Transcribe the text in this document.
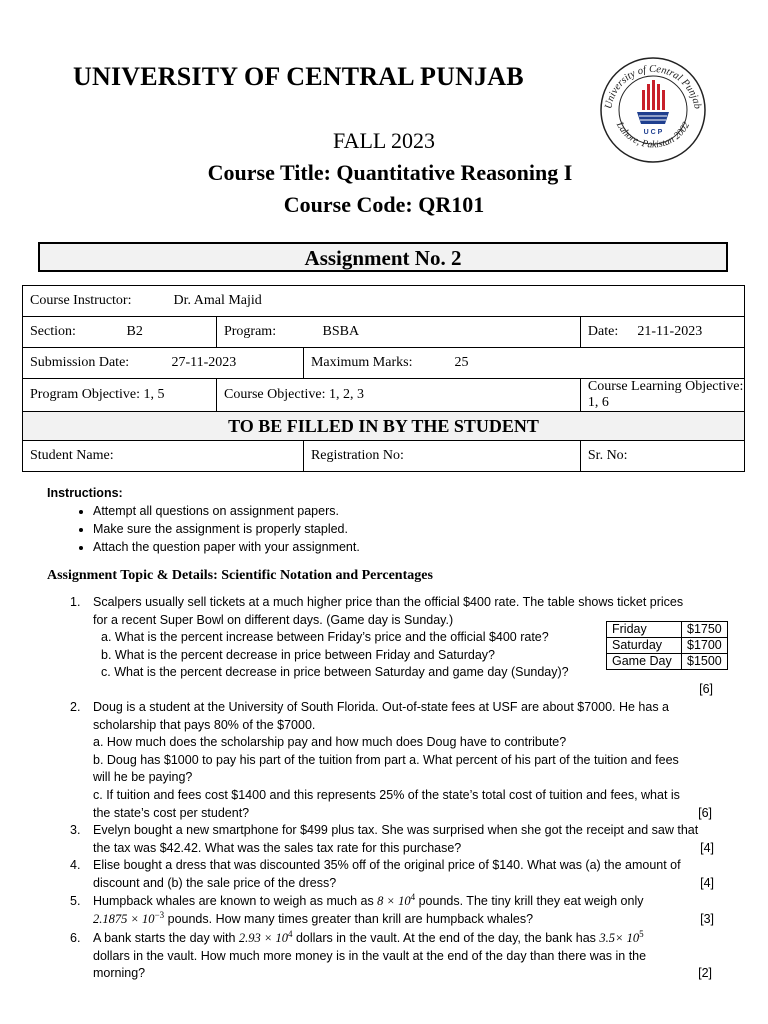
UNIVERSITY OF CENTRAL PUNJAB
University of Central Punjab
Lahore, Pakistan 2002
U C P

FALL 2023

Course Title: Quantitative Reasoning I

Course Code: QR101

Assignment No. 2
Course Instructor: Dr. Amal Majid			
Section: B2	Program: BSBA		Date: 21-11-2023
Submission Date: 27-11-2023		Maximum Marks: 25	
Program Objective: 1, 5	Course Objective: 1, 2, 3		Course Learning Objective: 1, 6
TO BE FILLED IN BY THE STUDENT			
Student Name:		Registration No:	Sr. No:
Instructions:
• Attempt all questions on assignment papers.
• Make sure the assignment is properly stapled.
• Attach the question paper with your assignment.

Assignment Topic & Details: Scientific Notation and Percentages

1. Scalpers usually sell tickets at a much higher price than the official $400 rate. The table shows ticket prices
for a recent Super Bowl on different days. (Game day is Sunday.)
a. What is the percent increase between Friday’s price and the official $400 rate?
b. What is the percent decrease in price between Friday and Saturday?
c. What is the percent decrease in price between Saturday and game day (Sunday)?
[6]
Friday	$1750
Saturday	$1700
Game Day	$1500
2. Doug is a student at the University of South Florida. Out-of-state fees at USF are about $7000. He has a
scholarship that pays 80% of the $7000.
a. How much does the scholarship pay and how much does Doug have to contribute?
b. Doug has $1000 to pay his part of the tuition from part a. What percent of his part of the tuition and fees
will he be paying?
c. If tuition and fees cost $1400 and this represents 25% of the state’s total cost of tuition and fees, what is
the state’s cost per student?	[6]
3. Evelyn bought a new smartphone for $499 plus tax. She was surprised when she got the receipt and saw that
the tax was $42.42. What was the sales tax rate for this purchase?	[4]
4. Elise bought a dress that was discounted 35% off of the original price of $140. What was (a) the amount of
discount and (b) the sale price of the dress?	[4]
5. Humpback whales are known to weigh as much as $8 \times 10^4$ pounds. The tiny krill they eat weigh only
$2.1875 \times 10^{-3}$ pounds. How many times greater than krill are humpback whales?	[3]
6. A bank starts the day with $2.93 \times 10^4$ dollars in the vault. At the end of the day, the bank has $3.5\times 10^5$
dollars in the vault. How much more money is in the vault at the end of the day than there was in the
morning?	[2]
